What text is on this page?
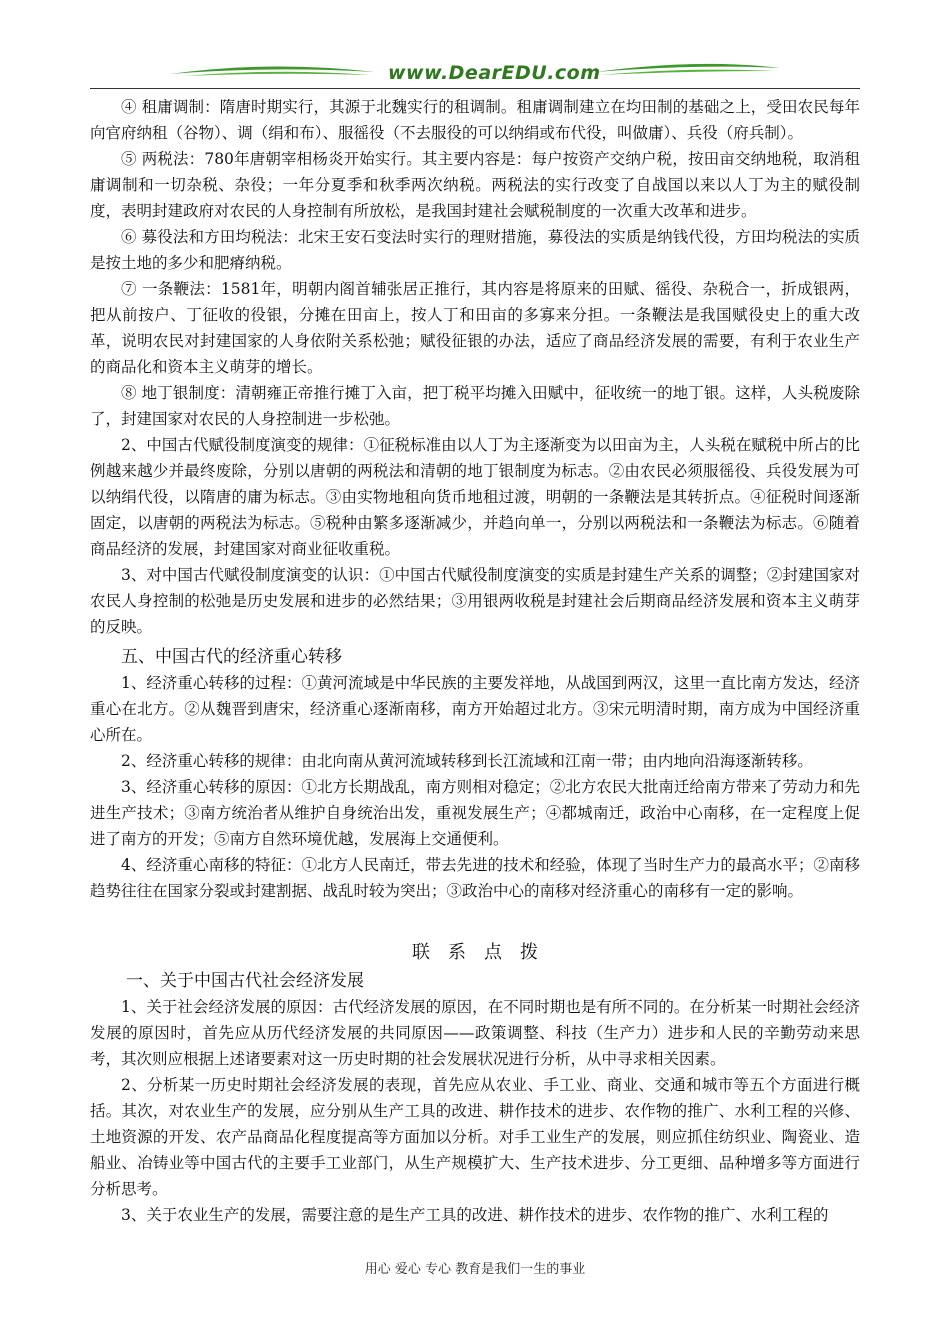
www.DearEDU.com

④ 租庸调制：隋唐时期实行，其源于北魏实行的租调制。租庸调制建立在均田制的基础之上，受田农民每年向官府纳租（谷物）、调（绢和布）、服徭役（不去服役的可以纳绢或布代役，叫做庸）、兵役（府兵制）。

⑤ 两税法：780年唐朝宰相杨炎开始实行。其主要内容是：每户按资产交纳户税，按田亩交纳地税，取消租庸调制和一切杂税、杂役；一年分夏季和秋季两次纳税。两税法的实行改变了自战国以来以人丁为主的赋役制度，表明封建政府对农民的人身控制有所放松，是我国封建社会赋税制度的一次重大改革和进步。

⑥ 募役法和方田均税法：北宋王安石变法时实行的理财措施，募役法的实质是纳钱代役，方田均税法的实质是按土地的多少和肥瘠纳税。

⑦ 一条鞭法：1581年，明朝内阁首辅张居正推行，其内容是将原来的田赋、徭役、杂税合一，折成银两，把从前按户、丁征收的役银，分摊在田亩上，按人丁和田亩的多寡来分担。一条鞭法是我国赋役史上的重大改革，说明农民对封建国家的人身依附关系松弛；赋役征银的办法，适应了商品经济发展的需要，有利于农业生产的商品化和资本主义萌芽的增长。

⑧ 地丁银制度：清朝雍正帝推行摊丁入亩，把丁税平均摊入田赋中，征收统一的地丁银。这样，人头税废除了，封建国家对农民的人身控制进一步松弛。

2、中国古代赋役制度演变的规律：①征税标准由以人丁为主逐渐变为以田亩为主，人头税在赋税中所占的比例越来越少并最终废除，分别以唐朝的两税法和清朝的地丁银制度为标志。②由农民必须服徭役、兵役发展为可以纳绢代役，以隋唐的庸为标志。③由实物地租向货币地租过渡，明朝的一条鞭法是其转折点。④征税时间逐渐固定，以唐朝的两税法为标志。⑤税种由繁多逐渐减少，并趋向单一，分别以两税法和一条鞭法为标志。⑥随着商品经济的发展，封建国家对商业征收重税。

3、对中国古代赋役制度演变的认识：①中国古代赋役制度演变的实质是封建生产关系的调整；②封建国家对农民人身控制的松弛是历史发展和进步的必然结果；③用银两收税是封建社会后期商品经济发展和资本主义萌芽的反映。

五、中国古代的经济重心转移

1、经济重心转移的过程：①黄河流域是中华民族的主要发祥地，从战国到两汉，这里一直比南方发达，经济重心在北方。②从魏晋到唐宋，经济重心逐渐南移，南方开始超过北方。③宋元明清时期，南方成为中国经济重心所在。

2、经济重心转移的规律：由北向南从黄河流域转移到长江流域和江南一带；由内地向沿海逐渐转移。

3、经济重心转移的原因：①北方长期战乱，南方则相对稳定；②北方农民大批南迁给南方带来了劳动力和先进生产技术；③南方统治者从维护自身统治出发，重视发展生产；④都城南迁，政治中心南移，在一定程度上促进了南方的开发；⑤南方自然环境优越，发展海上交通便利。

4、经济重心南移的特征：①北方人民南迁，带去先进的技术和经验，体现了当时生产力的最高水平；②南移趋势往往在国家分裂或封建割据、战乱时较为突出；③政治中心的南移对经济重心的南移有一定的影响。

联系点拨
一、关于中国古代社会经济发展

1、关于社会经济发展的原因：古代经济发展的原因，在不同时期也是有所不同的。在分析某一时期社会经济发展的原因时，首先应从历代经济发展的共同原因——政策调整、科技（生产力）进步和人民的辛勤劳动来思考，其次则应根据上述诸要素对这一历史时期的社会发展状况进行分析，从中寻求相关因素。

2、分析某一历史时期社会经济发展的表现，首先应从农业、手工业、商业、交通和城市等五个方面进行概括。其次，对农业生产的发展，应分别从生产工具的改进、耕作技术的进步、农作物的推广、水利工程的兴修、土地资源的开发、农产品商品化程度提高等方面加以分析。对手工业生产的发展，则应抓住纺织业、陶瓷业、造船业、冶铸业等中国古代的主要手工业部门，从生产规模扩大、生产技术进步、分工更细、品种增多等方面进行分析思考。

3、关于农业生产的发展，需要注意的是生产工具的改进、耕作技术的进步、农作物的推广、水利工程的

用心 爱心 专心 教育是我们一生的事业
